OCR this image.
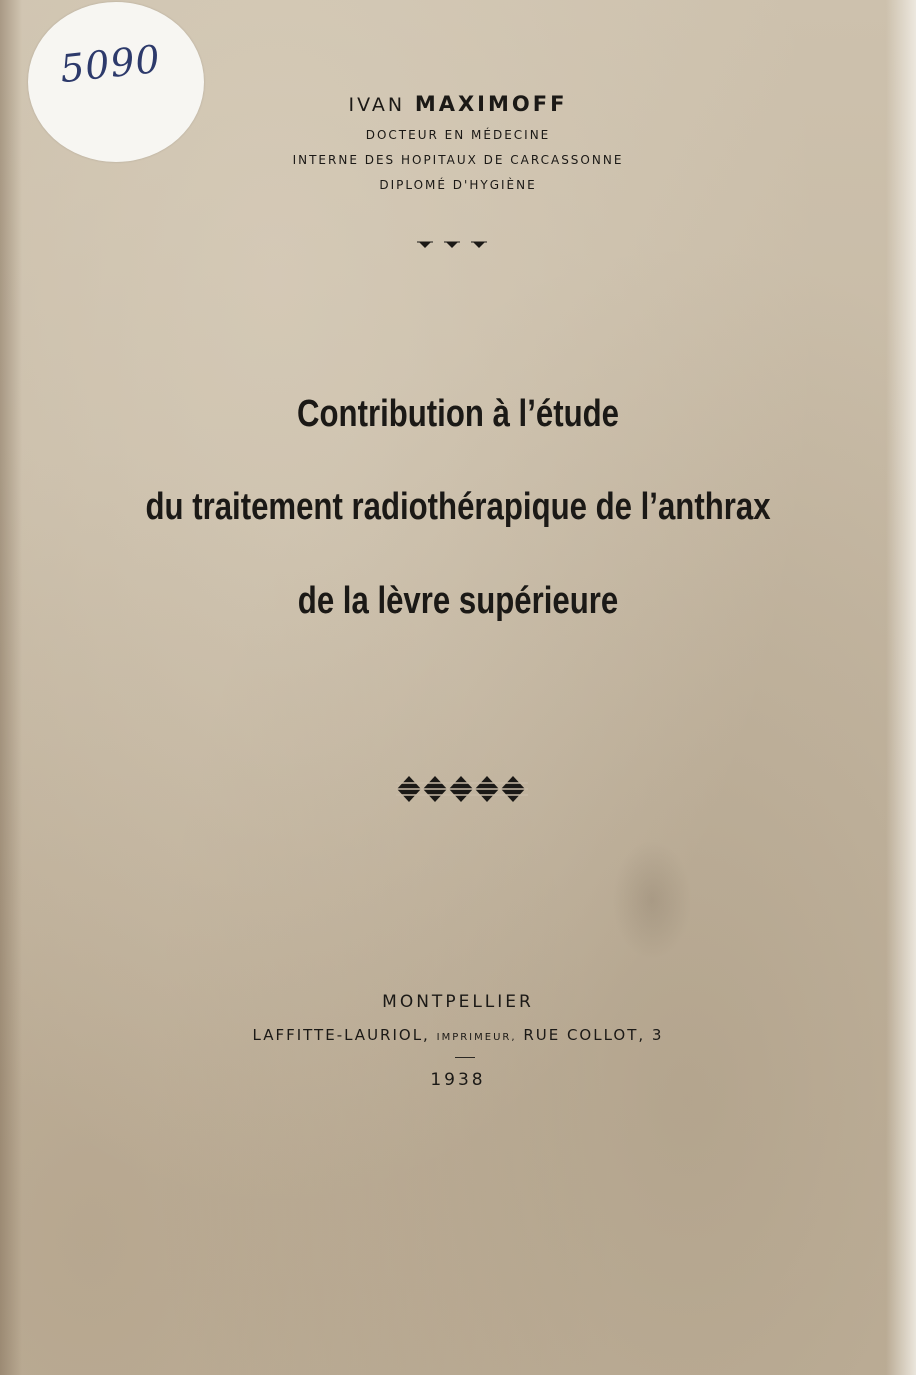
5090
IVAN MAXIMOFF
DOCTEUR EN MÉDECINE
INTERNE DES HOPITAUX DE CARCASSONNE
DIPLOMÉ D'HYGIÈNE
Contribution à l’étude
du traitement radiothérapique de l’anthrax
de la lèvre supérieure
MONTPELLIER
LAFFITTE-LAURIOL, IMPRIMEUR, RUE COLLOT, 3
1938
